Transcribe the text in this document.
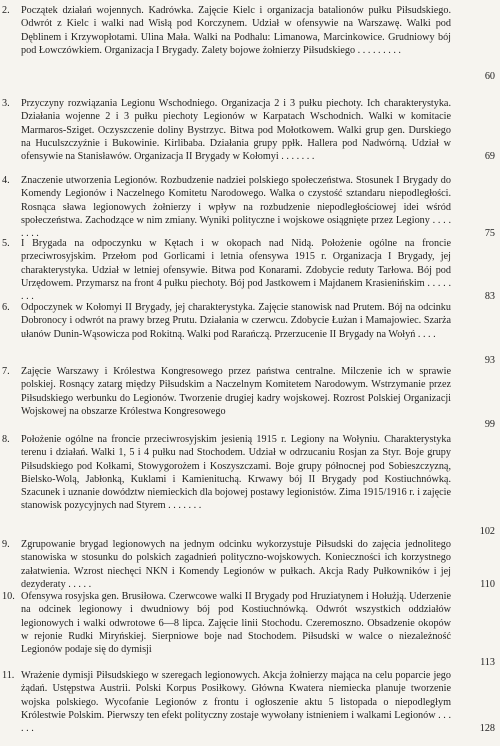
2. Początek działań wojennych. Kadrówka. Zajęcie Kielc i organizacja batalionów pułku Piłsudskiego. Odwrót z Kielc i walki nad Wisłą pod Korczynem. Udział w ofensywie na Warszawę. Walki pod Dęblinem i Krzywopłotami. Ulina Mała. Walki na Podhalu: Limanowa, Marcinkowice. Grudniowy bój pod Łowczówkiem. Organizacja I Brygady. Zalety bojowe żołnierzy Piłsudskiego . . . . . . . . .
60
3. Przyczyny rozwiązania Legionu Wschodniego. Organizacja 2 i 3 pułku piechoty. Ich charakterystyka. Działania wojenne 2 i 3 pułku piechoty Legionów w Karpatach Wschodnich. Walki w komitacie Marmaros-Sziget. Oczyszczenie doliny Bystrzyc. Bitwa pod Mołotkowem. Walki grup gen. Durskiego na Huculszczyźnie i Bukowinie. Kirlibaba. Działania grupy ppłk. Hallera pod Nadwórną. Udział w ofensywie na Stanisławów. Organizacja II Brygady w Kołomyi . . . . . . .	69
4. Znaczenie utworzenia Legionów. Rozbudzenie nadziei polskiego społeczeństwa. Stosunek I Brygady do Komendy Legionów i Naczelnego Komitetu Narodowego. Walka o czystość sztandaru niepodległości. Rosnąca sława legionowych żołnierzy i wpływ na rozbudzenie niepodległościowej idei wśród społeczeństwa. Zachodzące w nim zmiany. Wyniki polityczne i wojskowe osiągnięte przez Legiony . . . . . . . .	75
5. I Brygada na odpoczynku w Kętach i w okopach nad Nidą. Położenie ogólne na froncie przeciwrosyjskim. Przełom pod Gorlicami i letnia ofensywa 1915 r. Organizacja I Brygady, jej charakterystyka. Udział w letniej ofensywie. Bitwa pod Konarami. Zdobycie reduty Tarłowa. Bój pod Urzędowem. Przymarsz na front 4 pułku piechoty. Bój pod Jastkowem i Majdanem Krasienińskim . . . . . . . .	83
6. Odpoczynek w Kołomyi II Brygady, jej charakterystyka. Zajęcie stanowisk nad Prutem. Bój na odcinku Dobronocy i odwrót na prawy brzeg Prutu. Działania w czerwcu. Zdobycie Łużan i Mamajowiec. Szarża ułanów Dunin-Wąsowicza pod Rokitną. Walki pod Rarańczą. Przerzucenie II Brygady na Wołyń . . . .
93
7. Zajęcie Warszawy i Królestwa Kongresowego przez państwa centralne. Milczenie ich w sprawie polskiej. Rosnący zatarg między Piłsudskim a Naczelnym Komitetem Narodowym. Wstrzymanie przez Piłsudskiego werbunku do Legionów. Tworzenie drugiej kadry wojskowej. Rozrost Polskiej Organizacji Wojskowej na obszarze Królestwa Kongresowego
99
8. Położenie ogólne na froncie przeciwrosyjskim jesienią 1915 r. Legiony na Wołyniu. Charakterystyka terenu i działań. Walki 1, 5 i 4 pułku nad Stochodem. Udział w odrzucaniu Rosjan za Styr. Boje grupy Piłsudskiego pod Kołkami, Stowygorożem i Koszyszczami. Boje grupy północnej pod Sobieszczyzną, Bielsko-Wolą, Jabłonką, Kuklami i Kamienituchą. Krwawy bój II Brygady pod Kostiuchnówką. Szacunek i uznanie dowództw niemieckich dla bojowej postawy legionistów. Zima 1915/1916 r. i zajęcie stanowisk pozycyjnych nad Styrem . . . . . . .
102
9. Zgrupowanie brygad legionowych na jednym odcinku wykorzystuje Piłsudski do zajęcia jednolitego stanowiska w stosunku do polskich zagadnień polityczno-wojskowych. Konieczności ich korzystnego załatwienia. Wzrost niechęci NKN i Komendy Legionów w pułkach. Akcja Rady Pułkowników i jej dezyderaty . . . . .	110
10. Ofensywa rosyjska gen. Brusiłowa. Czerwcowe walki II Brygady pod Hruziatynem i Hołużją. Uderzenie na odcinek legionowy i dwudniowy bój pod Kostiuchnówką. Odwrót wszystkich oddziałów legionowych i walki odwrotowe 6—8 lipca. Zajęcie linii Stochodu. Czeremoszno. Obsadzenie okopów w rejonie Rudki Miryńskiej. Sierpniowe boje nad Stochodem. Piłsudski w walce o niezależność Legionów podaje się do dymisji
113
11. Wrażenie dymisji Piłsudskiego w szeregach legionowych. Akcja żołnierzy mająca na celu poparcie jego żądań. Ustępstwa Austrii. Polski Korpus Posiłkowy. Główna Kwatera niemiecka planuje tworzenie wojska polskiego. Wycofanie Legionów z frontu i ogłoszenie aktu 5 listopada o niepodległym Królestwie Polskim. Pierwszy ten efekt polityczny zostaje wywołany istnieniem i walkami Legionów . . . . . .	128
